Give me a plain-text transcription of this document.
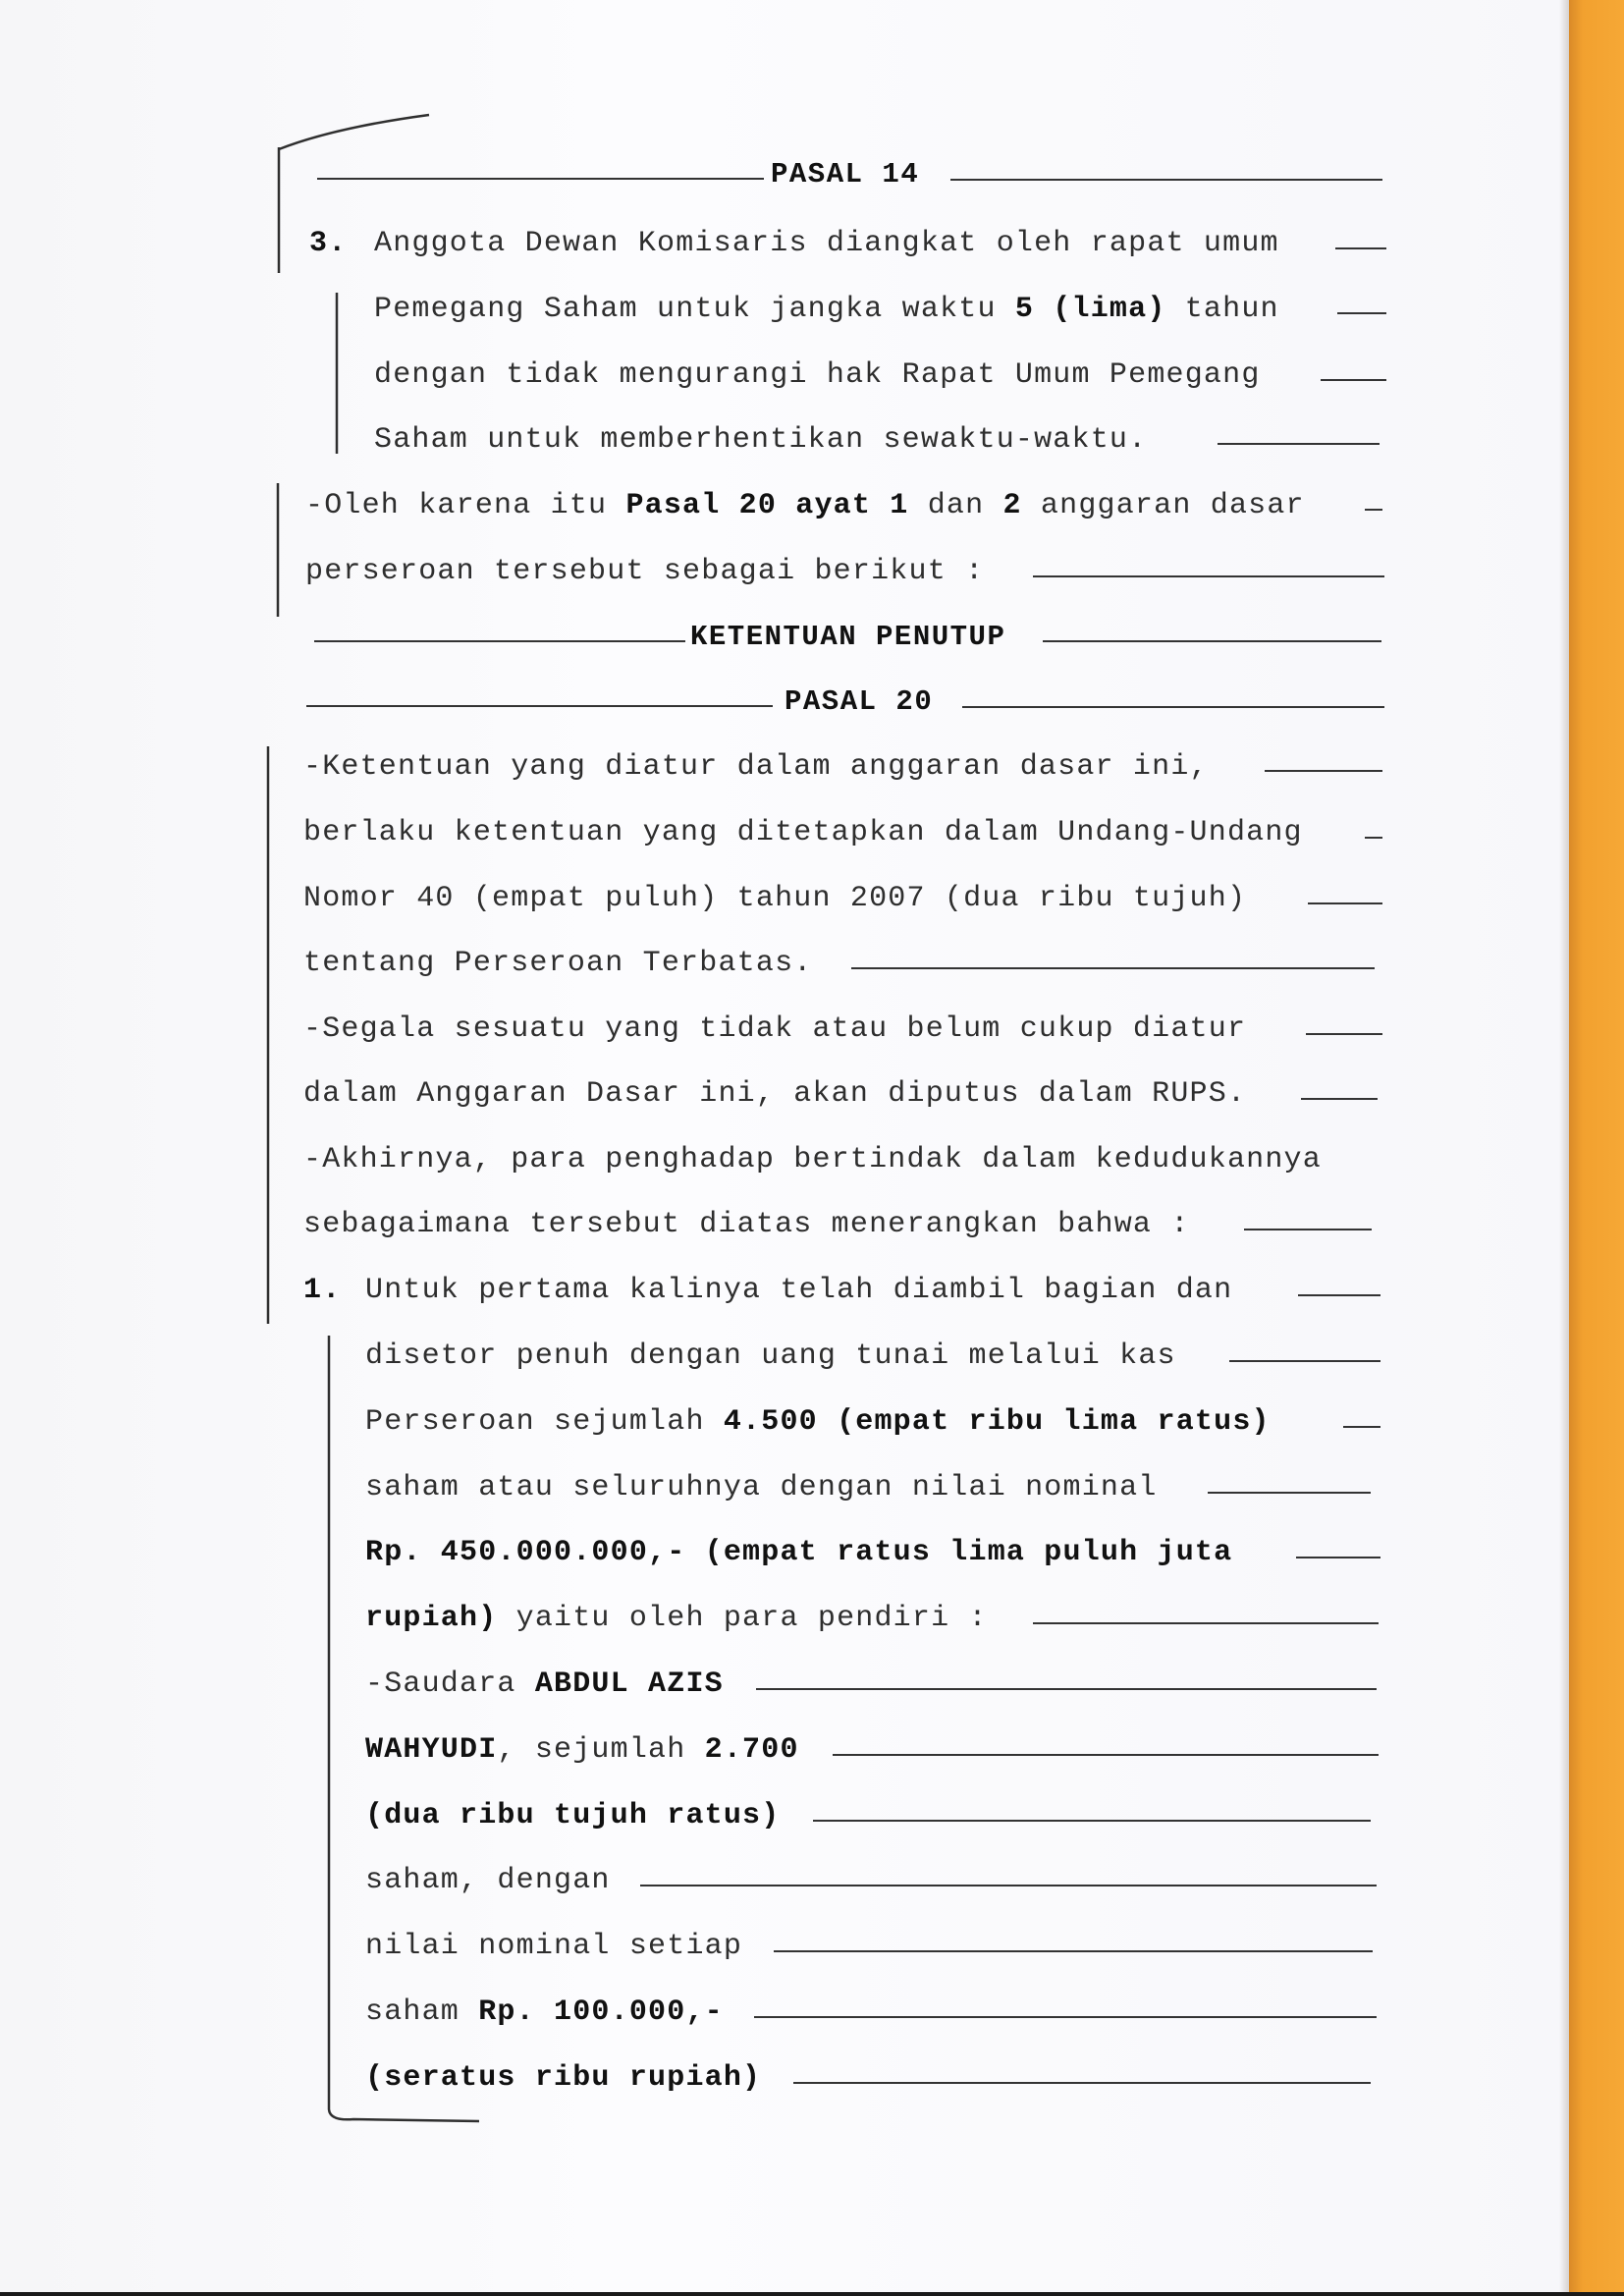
PASAL 14
3. Anggota Dewan Komisaris diangkat oleh rapat umum
Pemegang Saham untuk jangka waktu 5 (lima) tahun
dengan tidak mengurangi hak Rapat Umum Pemegang
Saham untuk memberhentikan sewaktu-waktu.
-Oleh karena itu Pasal 20 ayat 1 dan 2 anggaran dasar
perseroan tersebut sebagai berikut :
KETENTUAN PENUTUP
PASAL 20
-Ketentuan yang diatur dalam anggaran dasar ini,
berlaku ketentuan yang ditetapkan dalam Undang-Undang
Nomor 40 (empat puluh) tahun 2007 (dua ribu tujuh)
tentang Perseroan Terbatas.
-Segala sesuatu yang tidak atau belum cukup diatur
dalam Anggaran Dasar ini, akan diputus dalam RUPS.
-Akhirnya, para penghadap bertindak dalam kedudukannya
sebagaimana tersebut diatas menerangkan bahwa :
1. Untuk pertama kalinya telah diambil bagian dan
disetor penuh dengan uang tunai melalui kas
Perseroan sejumlah 4.500 (empat ribu lima ratus)
saham atau seluruhnya dengan nilai nominal
Rp. 450.000.000,- (empat ratus lima puluh juta
rupiah) yaitu oleh para pendiri :
-Saudara ABDUL AZIS
WAHYUDI, sejumlah 2.700
(dua ribu tujuh ratus)
saham, dengan
nilai nominal setiap
saham Rp. 100.000,-
(seratus ribu rupiah)
